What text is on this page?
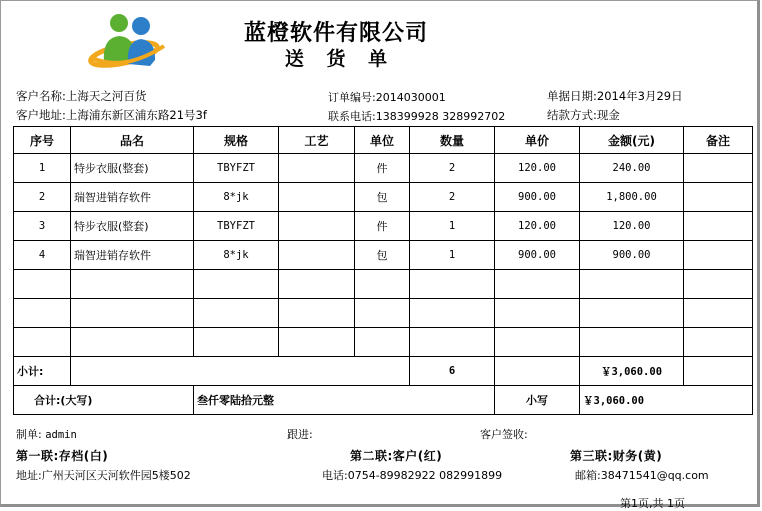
蓝橙软件有限公司
送 货 单
客户名称:上海天之河百货	订单编号:2014030001	单据日期:2014年3月29日
客户地址:上海浦东新区浦东路21号3f	联系电话:138399928 328992702	结款方式:现金
序号	品名	规格	工艺	单位	数量	单价	金额(元)	备注
1	特步衣服(整套)	TBYFZT		件	2	120.00	240.00	
2	瑞智进销存软件	8*jk		包	2	900.00	1,800.00	
3	特步衣服(整套)	TBYFZT		件	1	120.00	120.00	
4	瑞智进销存软件	8*jk		包	1	900.00	900.00	

小计:					6		￥3,060.00	
合计:(大写)		叁仟零陆拾元整				小写	￥3,060.00	
制单: admin	跟进:	客户签收:
第一联:存档(白)	第二联:客户(红)	第三联:财务(黄)
地址:广州天河区天河软件园5楼502	电话:0754-89982922 082991899	邮箱:38471541@qq.com
第1页,共 1页
